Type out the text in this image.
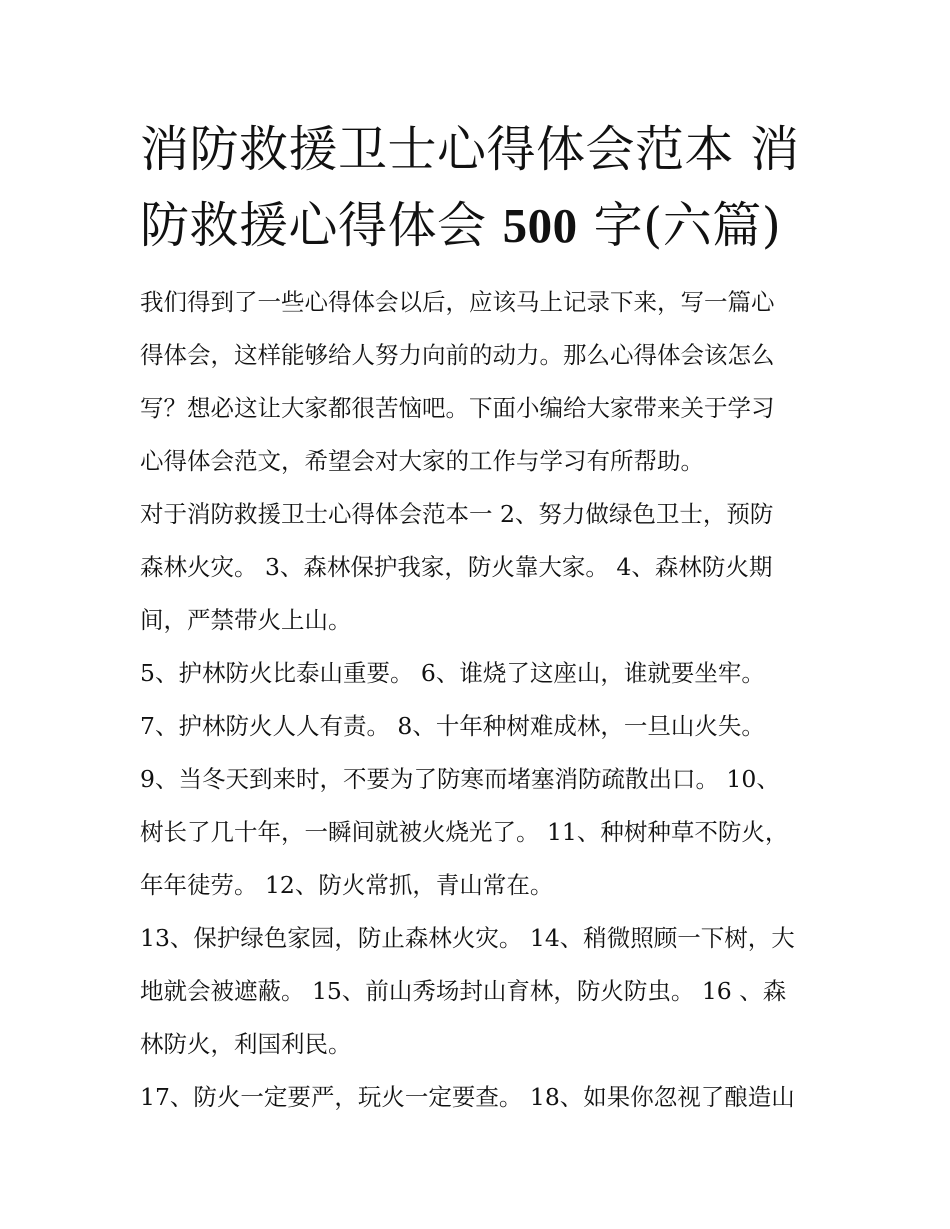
消防救援卫士心得体会范本 消
防救援心得体会 500 字(六篇)

我们得到了一些心得体会以后，应该马上记录下来，写一篇心
得体会，这样能够给人努力向前的动力。那么心得体会该怎么
写？想必这让大家都很苦恼吧。下面小编给大家带来关于学习
心得体会范文，希望会对大家的工作与学习有所帮助。

对于消防救援卫士心得体会范本一 2、努力做绿色卫士，预防
森林火灾。 3、森林保护我家，防火靠大家。 4、森林防火期
间，严禁带火上山。

5、护林防火比泰山重要。 6、谁烧了这座山，谁就要坐牢。

7、护林防火人人有责。 8、十年种树难成林，一旦山火失。

9、当冬天到来时，不要为了防寒而堵塞消防疏散出口。 10、
树长了几十年，一瞬间就被火烧光了。 11、种树种草不防火，
年年徒劳。 12、防火常抓，青山常在。

13、保护绿色家园，防止森林火灾。 14、稍微照顾一下树，大
地就会被遮蔽。 15、前山秀场封山育林，防火防虫。 16 、森
林防火，利国利民。

17、防火一定要严，玩火一定要查。 18、如果你忽视了酿造山
